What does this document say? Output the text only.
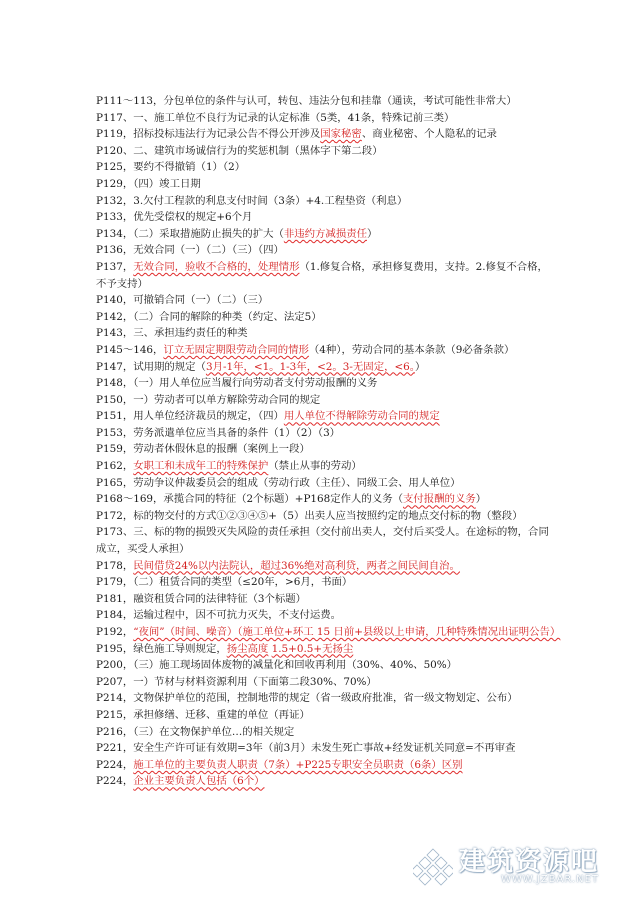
P111～113，分包单位的条件与认可，转包、违法分包和挂靠（通读，考试可能性非常大）
P117、一、施工单位不良行为记录的认定标准（5类，41条，特殊记前三类）
P119，招标投标违法行为记录公告不得公开涉及国家秘密、商业秘密、个人隐私的记录
P120、二、建筑市场诚信行为的奖惩机制（黑体字下第二段）
P125，要约不得撤销（1）（2）
P129，（四）竣工日期
P132，3.欠付工程款的利息支付时间（3条）+4.工程垫资（利息）
P133，优先受偿权的规定+6个月
P134，（二）采取措施防止损失的扩大（非违约方减损责任）
P136，无效合同（一）（二）（三）（四）
P137，无效合同，验收不合格的，处理情形（1.修复合格，承担修复费用，支持。2.修复不合格，不予支持）
P140，可撤销合同（一）（二）（三）
P142，（二）合同的解除的种类（约定、法定5）
P143，三、承担违约责任的种类
P145～146，订立无固定期限劳动合同的情形（4种），劳动合同的基本条款（9必备条款）
P147，试用期的规定（3月-1年，<1。1-3年，<2。3-无固定，<6。）
P148，（一）用人单位应当履行向劳动者支付劳动报酬的义务
P150，一）劳动者可以单方解除劳动合同的规定
P151，用人单位经济裁员的规定，（四）用人单位不得解除劳动合同的规定
P153，劳务派遣单位应当具备的条件（1）（2）（3）
P159，劳动者休假休息的报酬（案例上一段）
P162，女职工和未成年工的特殊保护（禁止从事的劳动）
P165，劳动争议仲裁委员会的组成（劳动行政（主任）、同级工会、用人单位）
P168～169，承揽合同的特征（2个标题）+P168定作人的义务（支付报酬的义务）
P172，标的物交付的方式①②③④⑤+（5）出卖人应当按照约定的地点交付标的物（整段）
P173、三、标的物的损毁灭失风险的责任承担（交付前出卖人，交付后买受人。在途标的物，合同成立，买受人承担）
P178，民间借贷24%以内法院认，超过36%绝对高利贷，两者之间民间自治。
P179，（二）租赁合同的类型（≤20年，>6月，书面）
P181，融资租赁合同的法律特征（3个标题）
P184，运输过程中，因不可抗力灭失，不支付运费。
P192，“夜间”（时间、噪音）（施工单位+环工 15 日前+县级以上申请，几种特殊情况出证明公告）
P195，绿色施工导则规定，扬尘高度 1.5+0.5+无扬尘
P200，（三）施工现场固体废物的减量化和回收再利用（30%、40%、50%）
P207，一）节材与材料资源利用（下面第二段30%、70%）
P214，文物保护单位的范围，控制地带的规定（省一级政府批准，省一级文物划定、公布）
P215，承担修缮、迁移、重建的单位（再证）
P216，（三）在文物保护单位…的相关规定
P221，安全生产许可证有效期=3年（前3月）未发生死亡事故+经发证机关同意=不再审查
P224，施工单位的主要负责人职责（7条）+P225专职安全员职责（6条）区别
P224，企业主要负责人包括（6个）
建筑资源吧
WWW.JZBAR.NET
